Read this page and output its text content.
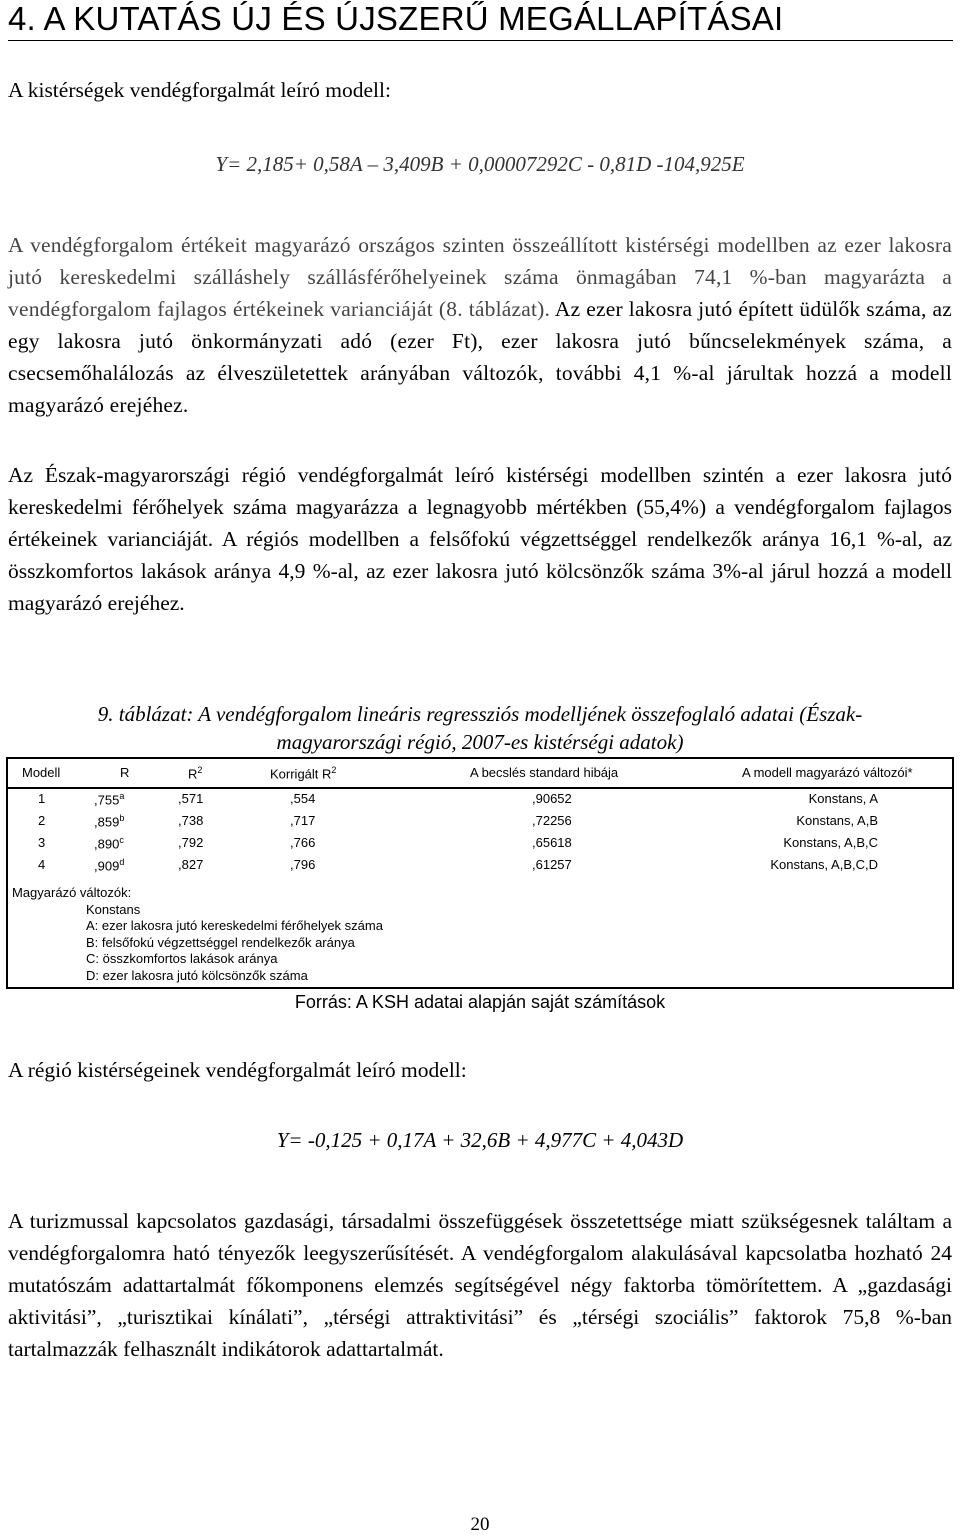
4. A KUTATÁS ÚJ ÉS ÚJSZERŰ MEGÁLLAPÍTÁSAI
A kistérségek vendégforgalmát leíró modell:
Y= 2,185+ 0,58A – 3,409B + 0,00007292C - 0,81D -104,925E

A vendégforgalom értékeit magyarázó országos szinten összeállított kistérségi modellben az ezer lakosra jutó kereskedelmi szálláshely szállásférőhelyeinek száma önmagában 74,1 %-ban magyarázta a vendégforgalom fajlagos értékeinek varianciáját (8. táblázat). Az ezer lakosra jutó épített üdülők száma, az egy lakosra jutó önkormányzati adó (ezer Ft), ezer lakosra jutó bűncselekmények száma, a csecsemőhalálozás az élveszületettek arányában változók, további 4,1 %-al járultak hozzá a modell magyarázó erejéhez.

Az Észak-magyarországi régió vendégforgalmát leíró kistérségi modellben szintén a ezer lakosra jutó kereskedelmi férőhelyek száma magyarázza a legnagyobb mértékben (55,4%) a vendégforgalom fajlagos értékeinek varianciáját. A régiós modellben a felsőfokú végzettséggel rendelkezők aránya 16,1 %-al, az összkomfortos lakások aránya 4,9 %-al, az ezer lakosra jutó kölcsönzők száma 3%-al járul hozzá a modell magyarázó erejéhez.

9. táblázat: A vendégforgalom lineáris regressziós modelljének összefoglaló adatai (Észak-
magyarországi régió, 2007-es kistérségi adatok)
Modell	R	$R^2$	Korrigált $R^2$	A becslés standard hibája	A modell magyarázó változói*
1	,755$^a$	,571	,554	,90652	Konstans, A
2	,859$^b$	,738	,717	,72256	Konstans, A,B
3	,890$^c$	,792	,766	,65618	Konstans, A,B,C
4	,909$^d$	,827	,796	,61257	Konstans, A,B,C,D
Magyarázó változók:
Konstans
A: ezer lakosra jutó kereskedelmi férőhelyek száma
B: felsőfokú végzettséggel rendelkezők aránya
C: összkomfortos lakások aránya
D: ezer lakosra jutó kölcsönzők száma
Forrás: A KSH adatai alapján saját számítások
A régió kistérségeinek vendégforgalmát leíró modell:
Y= -0,125 + 0,17A + 32,6B + 4,977C + 4,043D

A turizmussal kapcsolatos gazdasági, társadalmi összefüggések összetettsége miatt szükségesnek találtam a vendégforgalomra ható tényezők leegyszerűsítését. A vendégforgalom alakulásával kapcsolatba hozható 24 mutatószám adattartalmát főkomponens elemzés segítségével négy faktorba tömörítettem. A „gazdasági aktivitási”, „turisztikai kínálati”, „térségi attraktivitási” és „térségi szociális” faktorok 75,8 %-ban tartalmazzák felhasznált indikátorok adattartalmát.

20
